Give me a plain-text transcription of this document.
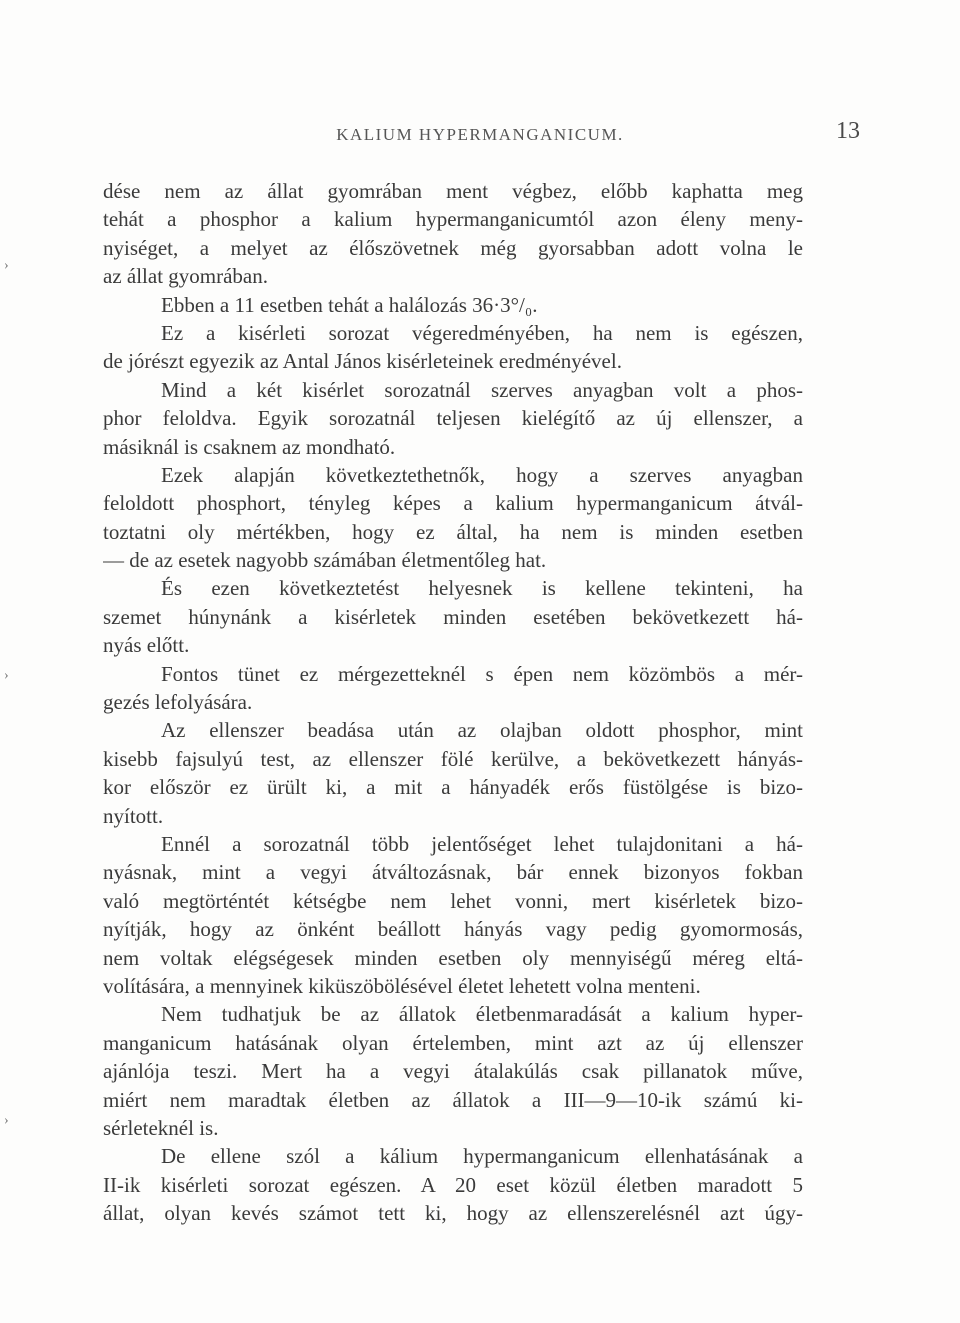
›
›
›
KALIUM HYPERMANGANICUM.	13
dése nem az állat gyomrában ment végbez, előbb kaphatta meg
tehát a phosphor a kalium hypermanganicumtól azon éleny meny-
nyiséget, a melyet az élőszövetnek még gyorsabban adott volna le
az állat gyomrában.
Ebben a 11 esetben tehát a halálozás 36·3°/₀.
Ez a kisérleti sorozat végeredményében, ha nem is egészen,
de jórészt egyezik az Antal János kisérleteinek eredményével.
Mind a két kisérlet sorozatnál szerves anyagban volt a phos-
phor feloldva. Egyik sorozatnál teljesen kielégítő az új ellenszer, a
másiknál is csaknem az mondható.
Ezek alapján következtethetnők, hogy a szerves anyagban
feloldott phosphort, tényleg képes a kalium hypermanganicum átvál-
toztatni oly mértékben, hogy ez által, ha nem is minden esetben
— de az esetek nagyobb számában életmentőleg hat.
És ezen következtetést helyesnek is kellene tekinteni, ha
szemet húnynánk a kisérletek minden esetében bekövetkezett há-
nyás előtt.
Fontos tünet ez mérgezetteknél s épen nem közömbös a mér-
gezés lefolyására.
Az ellenszer beadása után az olajban oldott phosphor, mint
kisebb fajsulyú test, az ellenszer fölé kerülve, a bekövetkezett hányás-
kor először ez ürült ki, a mit a hányadék erős füstölgése is bizo-
nyított.
Ennél a sorozatnál több jelentőséget lehet tulajdonitani a há-
nyásnak, mint a vegyi átváltozásnak, bár ennek bizonyos fokban
való megtörténtét kétségbe nem lehet vonni, mert kisérletek bizo-
nyítják, hogy az önként beállott hányás vagy pedig gyomormosás,
nem voltak elégségesek minden esetben oly mennyiségű méreg eltá-
volítására, a mennyinek kiküszöbölésével életet lehetett volna menteni.
Nem tudhatjuk be az állatok életbenmaradását a kalium hyper-
manganicum hatásának olyan értelemben, mint azt az új ellenszer
ajánlója teszi. Mert ha a vegyi átalakúlás csak pillanatok műve,
miért nem maradtak életben az állatok a III—9—10-ik számú ki-
sérleteknél is.
De ellene szól a kálium hypermanganicum ellenhatásának a
II-ik kisérleti sorozat egészen. A 20 eset közül életben maradott 5
állat, olyan kevés számot tett ki, hogy az ellenszerelésnél azt úgy-
